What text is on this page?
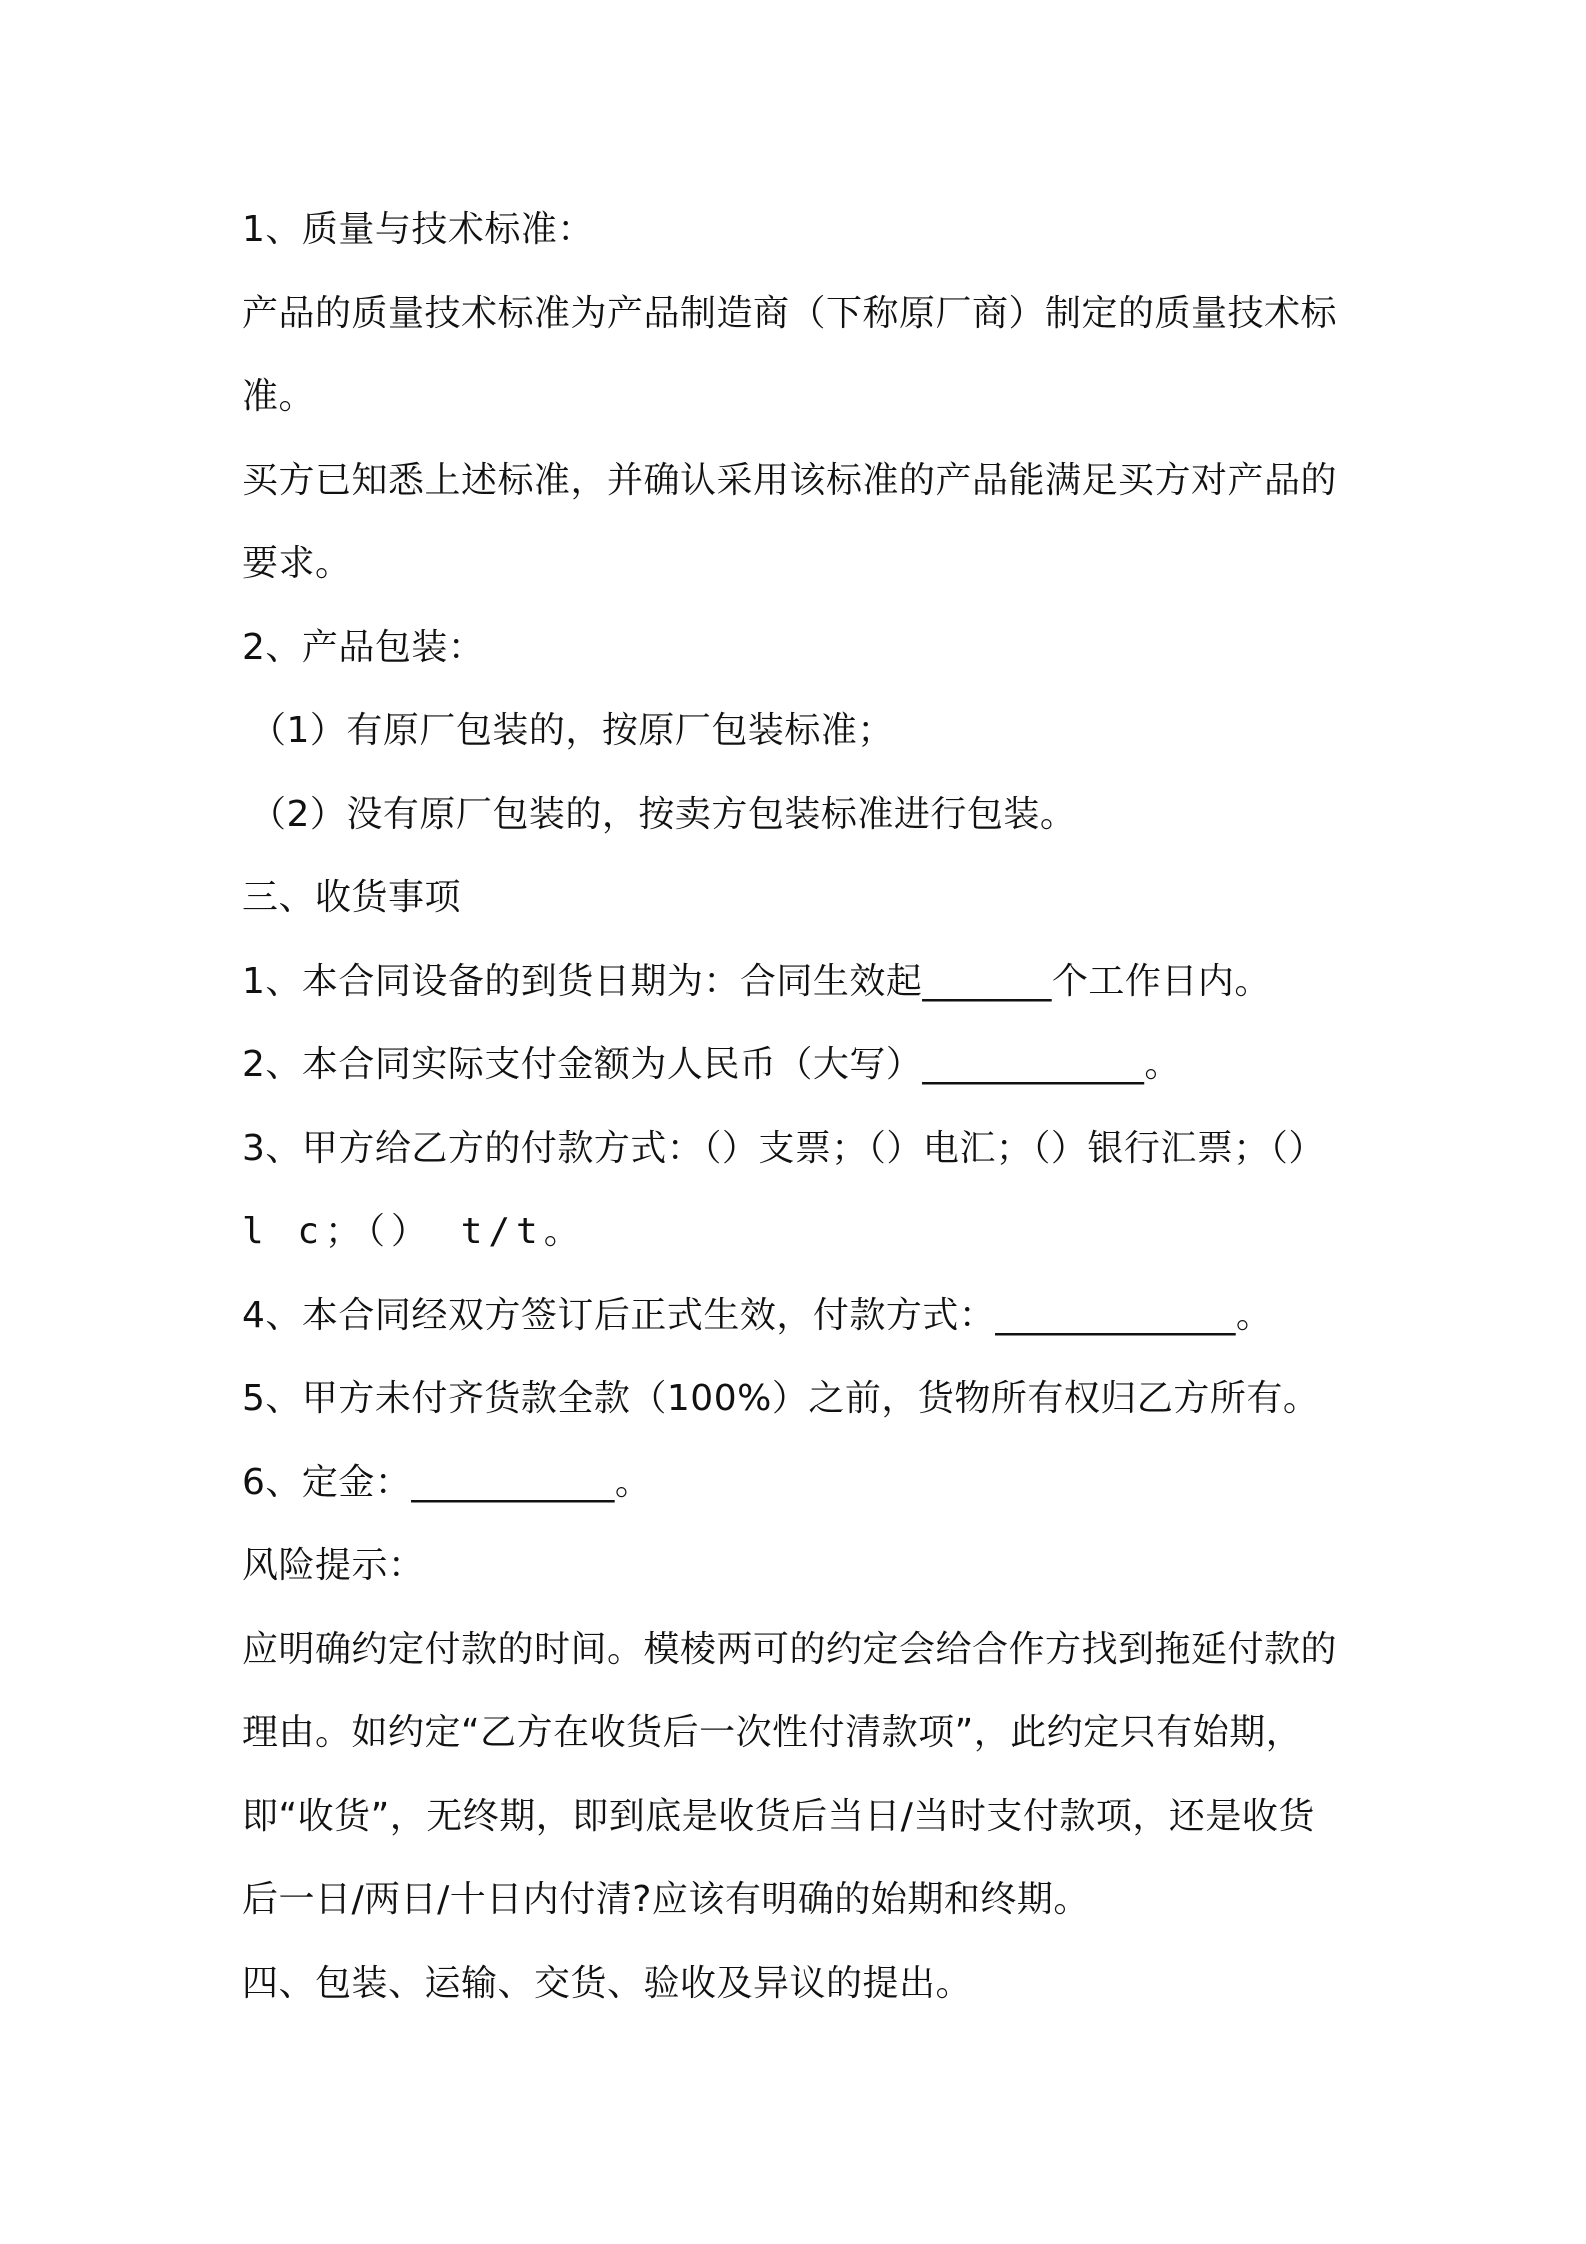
1、质量与技术标准：

产品的质量技术标准为产品制造商（下称原厂商）制定的质量技术标

准。

买方已知悉上述标准，并确认采用该标准的产品能满足买方对产品的

要求。

2、产品包装：

（1）有原厂包装的，按原厂包装标准；

（2）没有原厂包装的，按卖方包装标准进行包装。

三、收货事项

1、本合同设备的到货日期为：合同生效起_______个工作日内。

2、本合同实际支付金额为人民币（大写）____________。

3、甲方给乙方的付款方式：（）支票；（）电汇；（）银行汇票；（）

l c；（） t/t。

4、本合同经双方签订后正式生效，付款方式：_____________。

5、甲方未付齐货款全款（100%）之前，货物所有权归乙方所有。

6、定金：___________。

风险提示：

应明确约定付款的时间。模棱两可的约定会给合作方找到拖延付款的

理由。如约定“乙方在收货后一次性付清款项”，此约定只有始期，

即“收货”，无终期，即到底是收货后当日/当时支付款项，还是收货

后一日/两日/十日内付清?应该有明确的始期和终期。

四、包装、运输、交货、验收及异议的提出。
